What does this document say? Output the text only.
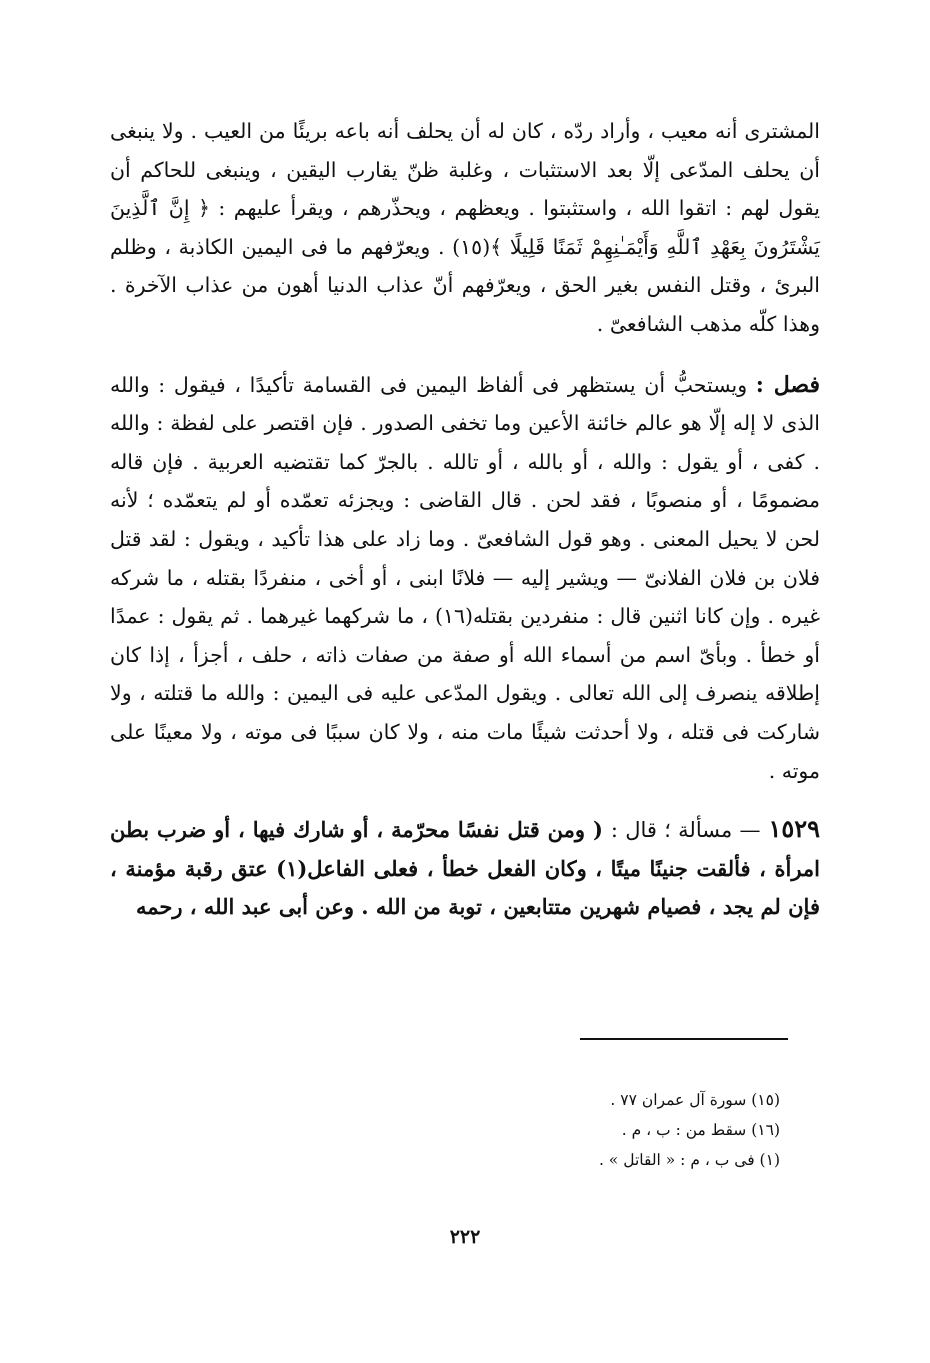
المشترى أنه معيب ، وأراد ردّه ، كان له أن يحلف أنه باعه بريئًا من العيب . ولا ينبغى أن يحلف المدّعى إلّا بعد الاستثبات ، وغلبة ظنّ يقارب اليقين ، وينبغى للحاكم أن يقول لهم : اتقوا الله ، واستثبتوا . ويعظهم ، ويحذّرهم ، ويقرأ عليهم : ﴿ إِنَّ ٱلَّذِينَ يَشْتَرُونَ بِعَهْدِ ٱللَّهِ وَأَيْمَـٰنِهِمْ ثَمَنًا قَلِيلًا ﴾(١٥) . ويعرّفهم ما فى اليمين الكاذبة ، وظلم البرئ ، وقتل النفس بغير الحق ، ويعرّفهم أنّ عذاب الدنيا أهون من عذاب الآخرة . وهذا كلّه مذهب الشافعىّ .

فصل : ويستحبُّ أن يستظهر فى ألفاظ اليمين فى القسامة تأكيدًا ، فيقول : والله الذى لا إله إلّا هو عالم خائنة الأعين وما تخفى الصدور . فإن اقتصر على لفظة : والله . كفى ، أو يقول : والله ، أو بالله ، أو تالله . بالجرّ كما تقتضيه العربية . فإن قاله مضمومًا ، أو منصوبًا ، فقد لحن . قال القاضى : ويجزئه تعمّده أو لم يتعمّده ؛ لأنه لحن لا يحيل المعنى . وهو قول الشافعىّ . وما زاد على هذا تأكيد ، ويقول : لقد قتل فلان بن فلان الفلانىّ — ويشير إليه — فلانًا ابنى ، أو أخى ، منفردًا بقتله ، ما شركه غيره . وإن كانا اثنين قال : منفردين بقتله(١٦) ، ما شركهما غيرهما . ثم يقول : عمدًا أو خطأ . وبأىّ اسم من أسماء الله أو صفة من صفات ذاته ، حلف ، أجزأ ، إذا كان إطلاقه ينصرف إلى الله تعالى . ويقول المدّعى عليه فى اليمين : والله ما قتلته ، ولا شاركت فى قتله ، ولا أحدثت شيئًا مات منه ، ولا كان سببًا فى موته ، ولا معينًا على موته .

١٥٢٩ — مسألة ؛ قال : ( ومن قتل نفسًا محرّمة ، أو شارك فيها ، أو ضرب بطن امرأة ، فألقت جنينًا ميتًا ، وكان الفعل خطأ ، فعلى الفاعل(١) عتق رقبة مؤمنة ، فإن لم يجد ، فصيام شهرين متتابعين ، توبة من الله . وعن أبى عبد الله ، رحمه

(١٥) سورة آل عمران ٧٧ .
(١٦) سقط من : ب ، م .
(١) فى ب ، م : « القاتل » .
٢٢٢
